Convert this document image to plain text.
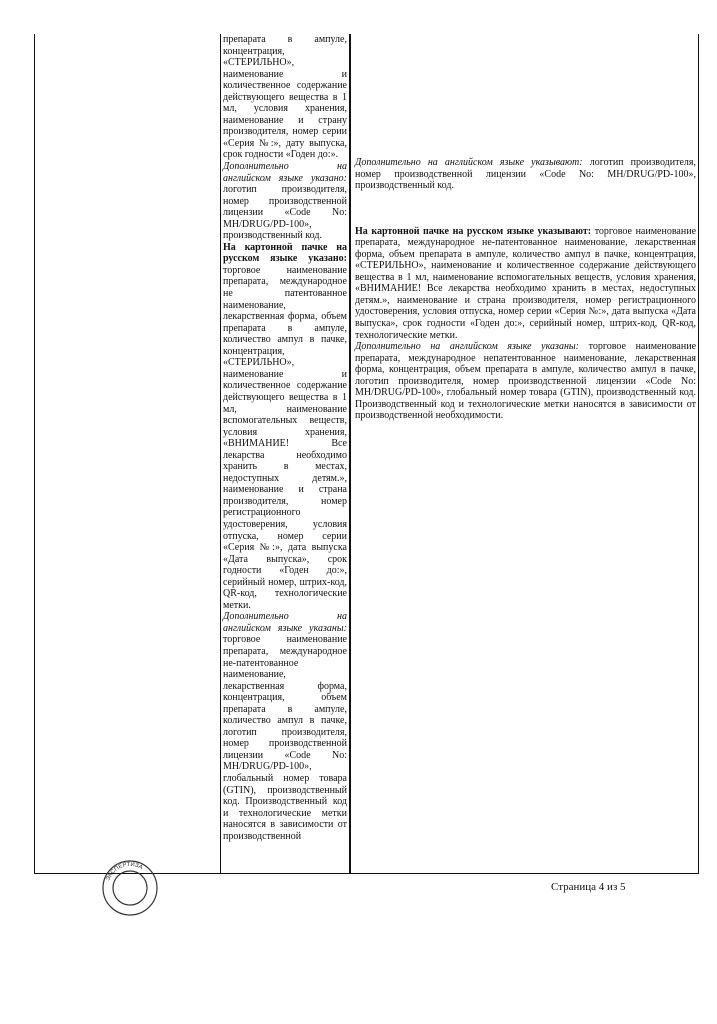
препарата в ампуле, концентрация, «СТЕРИЛЬНО», наименование и количественное содержание действующего вещества в 1 мл, условия хранения, наименование и страну производителя, номер серии «Серия №:», дату выпуска, срок годности «Годен до:».

Дополнительно на английском языке указано: логотип производителя, номер производственной лицензии «Code No: MH/DRUG/PD-100», производственный код.

На картонной пачке на русском языке указано: торговое наименование препарата, международное не патентованное наименование, лекарственная форма, объем препарата в ампуле, количество ампул в пачке, концентрация, «СТЕРИЛЬНО», наименование и количественное содержание действующего вещества в 1 мл, наименование вспомогательных веществ, условия хранения, «ВНИМАНИЕ! Все лекарства необходимо хранить в местах, недоступных детям.», наименование и страна производителя, номер регистрационного удостоверения, условия отпуска, номер серии «Серия №:», дата выпуска «Дата выпуска», срок годности «Годен до:», серийный номер, штрих-код, QR-код, технологические метки.

Дополнительно на английском языке указаны: торговое наименование препарата, международное не-патентованное наименование, лекарственная форма, концентрация, объем препарата в ампуле, количество ампул в пачке, логотип производителя, номер производственной лицензии «Code No: MH/DRUG/PD-100», глобальный номер товара (GTIN), производственный код. Производственный код и технологические метки наносятся в зависимости от производственной

Дополнительно на английском языке указывают: логотип производителя, номер производственной лицензии «Code No: MH/DRUG/PD-100», производственный код.

На картонной пачке на русском языке указывают: торговое наименование препарата, международное не-патентованное наименование, лекарственная форма, объем препарата в ампуле, количество ампул в пачке, концентрация, «СТЕРИЛЬНО», наименование и количественное содержание действующего вещества в 1 мл, наименование вспомогательных веществ, условия хранения, «ВНИМАНИЕ! Все лекарства необходимо хранить в местах, недоступных детям.», наименование и страна производителя, номер регистрационного удостоверения, условия отпуска, номер серии «Серия №:», дата выпуска «Дата выпуска», срок годности «Годен до:», серийный номер, штрих-код, QR-код, технологические метки.

Дополнительно на английском языке указаны: торговое наименование препарата, международное непатентованное наименование, лекарственная форма, концентрация, объем препарата в ампуле, количество ампул в пачке, логотип производителя, номер производственной лицензии «Code No: MH/DRUG/PD-100», глобальный номер товара (GTIN), производственный код. Производственный код и технологические метки наносятся в зависимости от производственной необходимости.

ЭКСПЕРТИЗА
Страница 4 из 5
